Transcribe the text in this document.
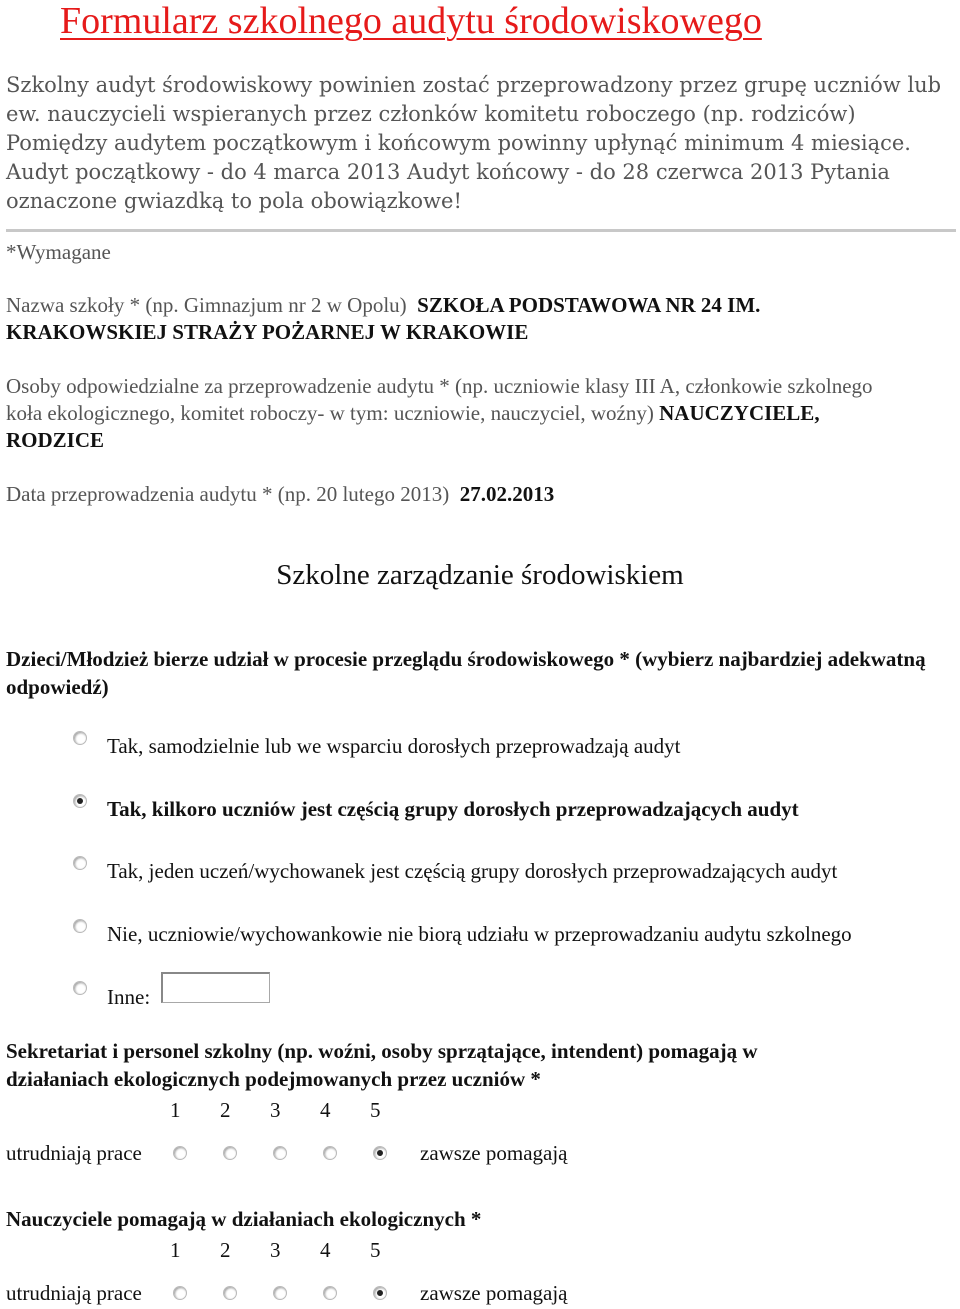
Formularz szkolnego audytu środowiskowego
Szkolny audyt środowiskowy powinien zostać przeprowadzony przez grupę uczniów lub ew. nauczycieli wspieranych przez członków komitetu roboczego (np. rodziców) Pomiędzy audytem początkowym i końcowym powinny upłynąć minimum 4 miesiące. Audyt początkowy - do 4 marca 2013 Audyt końcowy - do 28 czerwca 2013 Pytania oznaczone gwiazdką to pola obowiązkowe!
*Wymagane
Nazwa szkoły * (np. Gimnazjum nr 2 w Opolu) SZKOŁA PODSTAWOWA NR 24 IM. KRAKOWSKIEJ STRAŻY POŻARNEJ W KRAKOWIE
Osoby odpowiedzialne za przeprowadzenie audytu * (np. uczniowie klasy III A, członkowie szkolnego koła ekologicznego, komitet roboczy- w tym: uczniowie, nauczyciel, woźny) NAUCZYCIELE, RODZICE
Data przeprowadzenia audytu * (np. 20 lutego 2013) 27.02.2013
Szkolne zarządzanie środowiskiem
Dzieci/Młodzież bierze udział w procesie przeglądu środowiskowego * (wybierz najbardziej adekwatną odpowiedź)
Tak, samodzielnie lub we wsparciu dorosłych przeprowadzają audyt
Tak, kilkoro uczniów jest częścią grupy dorosłych przeprowadzających audyt
Tak, jeden uczeń/wychowanek jest częścią grupy dorosłych przeprowadzających audyt
Nie, uczniowie/wychowankowie nie biorą udziału w przeprowadzaniu audytu szkolnego
Inne:
Sekretariat i personel szkolny (np. woźni, osoby sprzątające, intendent) pomagają w działaniach ekologicznych podejmowanych przez uczniów *
1 2 3 4 5
utrudniają prace	zawsze pomagają
Nauczyciele pomagają w działaniach ekologicznych *
1 2 3 4 5
utrudniają prace	zawsze pomagają
